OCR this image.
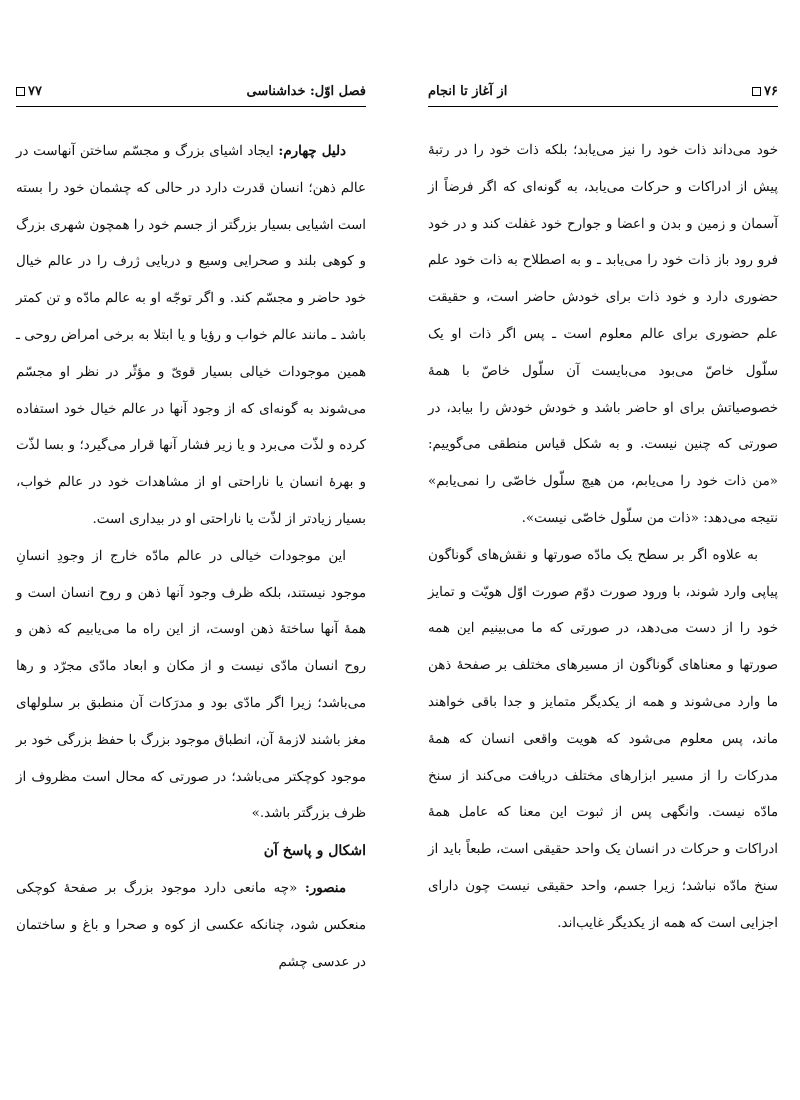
۷۶
از آغاز تا انجام

خود می‌داند ذات خود را نیز می‌یابد؛ بلکه ذات خود را در رتبهٔ پیش از ادراکات و حرکات می‌یابد، به گونه‌ای که اگر فرضاً از آسمان و زمین و بدن و اعضا و جوارح خود غفلت کند و در خود فرو رود باز ذات خود را می‌یابد ـ و به اصطلاح به ذات خود علم حضوری دارد و خود ذات برای خودش حاضر است، و حقیقت علم حضوری برای عالم معلوم است ـ پس اگر ذات او یک سلّول خاصّ می‌بود می‌بایست آن سلّول خاصّ با همهٔ خصوصیاتش برای او حاضر باشد و خودش خودش را بیابد، در صورتی که چنین نیست. و به شکل قیاس منطقی می‌گوییم: «من ذات خود را می‌یابم، من هیچ سلّول خاصّی را نمی‌یابم» نتیجه می‌دهد: «ذات من سلّول خاصّی نیست».

به علاوه اگر بر سطح یک مادّه صورتها و نقش‌های گوناگون پیاپی وارد شوند، با ورود صورت دوّم صورت اوّل هویّت و تمایز خود را از دست می‌دهد، در صورتی که ما می‌بینیم این همه صورتها و معناهای گوناگون از مسیرهای مختلف بر صفحهٔ ذهن ما وارد می‌شوند و همه از یکدیگر متمایز و جدا باقی خواهند ماند، پس معلوم می‌شود که هویت واقعی انسان که همهٔ مدرکات را از مسیر ابزارهای مختلف دریافت می‌کند از سنخ مادّه نیست. وانگهی پس از ثبوت این معنا که عامل همهٔ ادراکات و حرکات در انسان یک واحد حقیقی است، طبعاً باید از سنخ مادّه نباشد؛ زیرا جسم، واحد حقیقی نیست چون دارای اجزایی است که همه از یکدیگر غایب‌اند.

فصل اوّل: خداشناسی
۷۷

دلیل چهارم: ایجاد اشیای بزرگ و مجسّم ساختن آنهاست در عالم ذهن؛ انسان قدرت دارد در حالی که چشمان خود را بسته است اشیایی بسیار بزرگتر از جسم خود را همچون شهری بزرگ و کوهی بلند و صحرایی وسیع و دریایی ژرف را در عالم خیال خود حاضر و مجسّم کند. و اگر توجّه او به عالم مادّه و تن کمتر باشد ـ مانند عالم خواب و رؤیا و یا ابتلا به برخی امراض روحی ـ همین موجودات خیالی بسیار قویّ و مؤثّر در نظر او مجسّم می‌شوند به گونه‌ای که از وجود آنها در عالم خیال خود استفاده کرده و لذّت می‌برد و یا زیر فشار آنها قرار می‌گیرد؛ و بسا لذّت و بهرهٔ انسان یا ناراحتی او از مشاهدات خود در عالم خواب، بسیار زیادتر از لذّت یا ناراحتی او در بیداری است.

این موجودات خیالی در عالم مادّه خارج از وجودِ انسانِ موجود نیستند، بلکه ظرف وجود آنها ذهن و روح انسان است و همهٔ آنها ساختهٔ ذهن اوست، از این راه ما می‌یابیم که ذهن و روح انسان مادّی نیست و از مکان و ابعاد مادّی مجرّد و رها می‌باشد؛ زیرا اگر مادّی بود و مدرَکات آن منطبق بر سلولهای مغز باشند لازمهٔ آن، انطباق موجود بزرگ با حفظ بزرگی خود بر موجود کوچکتر می‌باشد؛ در صورتی که محال است مظروف از ظرف بزرگتر باشد.»

اشکال و پاسخ آن

منصور: «چه مانعی دارد موجود بزرگ بر صفحهٔ کوچکی منعکس شود، چنانکه عکسی از کوه و صحرا و باغ و ساختمان در عدسی چشم
